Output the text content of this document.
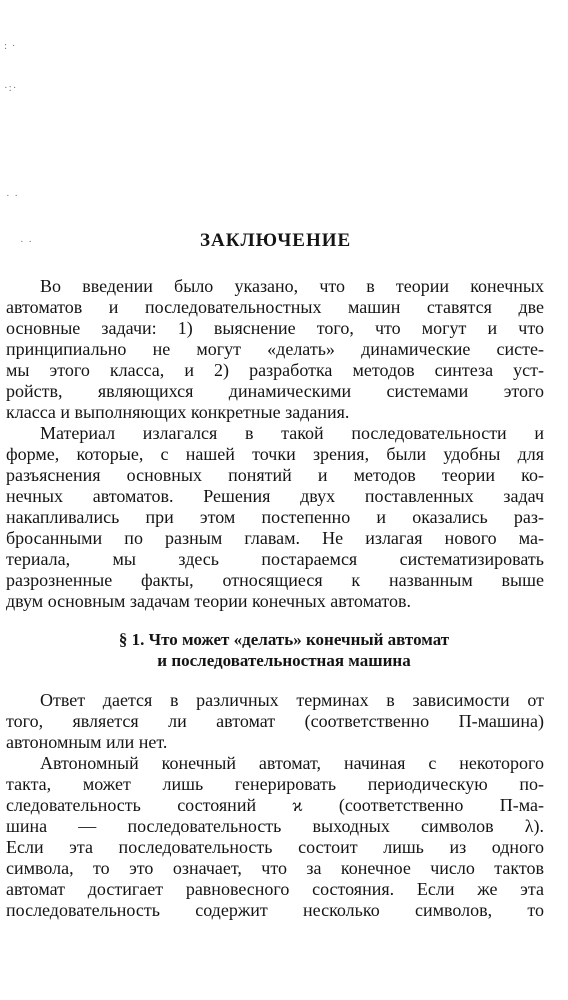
: ·
·:·
· ·
· ·	ЗАКЛЮЧЕНИЕ
Во введении было указано, что в теории конечных
автоматов и последовательностных машин ставятся две
основные задачи: 1) выяснение того, что могут и что
принципиально не могут «делать» динамические систе-
мы этого класса, и 2) разработка методов синтеза уст-
ройств, являющихся динамическими системами этого
класса и выполняющих конкретные задания.
Материал излагался в такой последовательности и
форме, которые, с нашей точки зрения, были удобны для
разъяснения основных понятий и методов теории ко-
нечных автоматов. Решения двух поставленных задач
накапливались при этом постепенно и оказались раз-
бросанными по разным главам. Не излагая нового ма-
териала, мы здесь постараемся систематизировать
разрозненные факты, относящиеся к названным выше
двум основным задачам теории конечных автоматов.
§ 1. Что может «делать» конечный автомат
и последовательностная машина
Ответ дается в различных терминах в зависимости от
того, является ли автомат (соответственно П-машина)
автономным или нет.
Автономный конечный автомат, начиная с некоторого
такта, может лишь генерировать периодическую по-
следовательность состояний ϰ (соответственно П-ма-
шина — последовательность выходных символов λ).
Если эта последовательность состоит лишь из одного
символа, то это означает, что за конечное число тактов
автомат достигает равновесного состояния. Если же эта
последовательность содержит несколько символов, то
